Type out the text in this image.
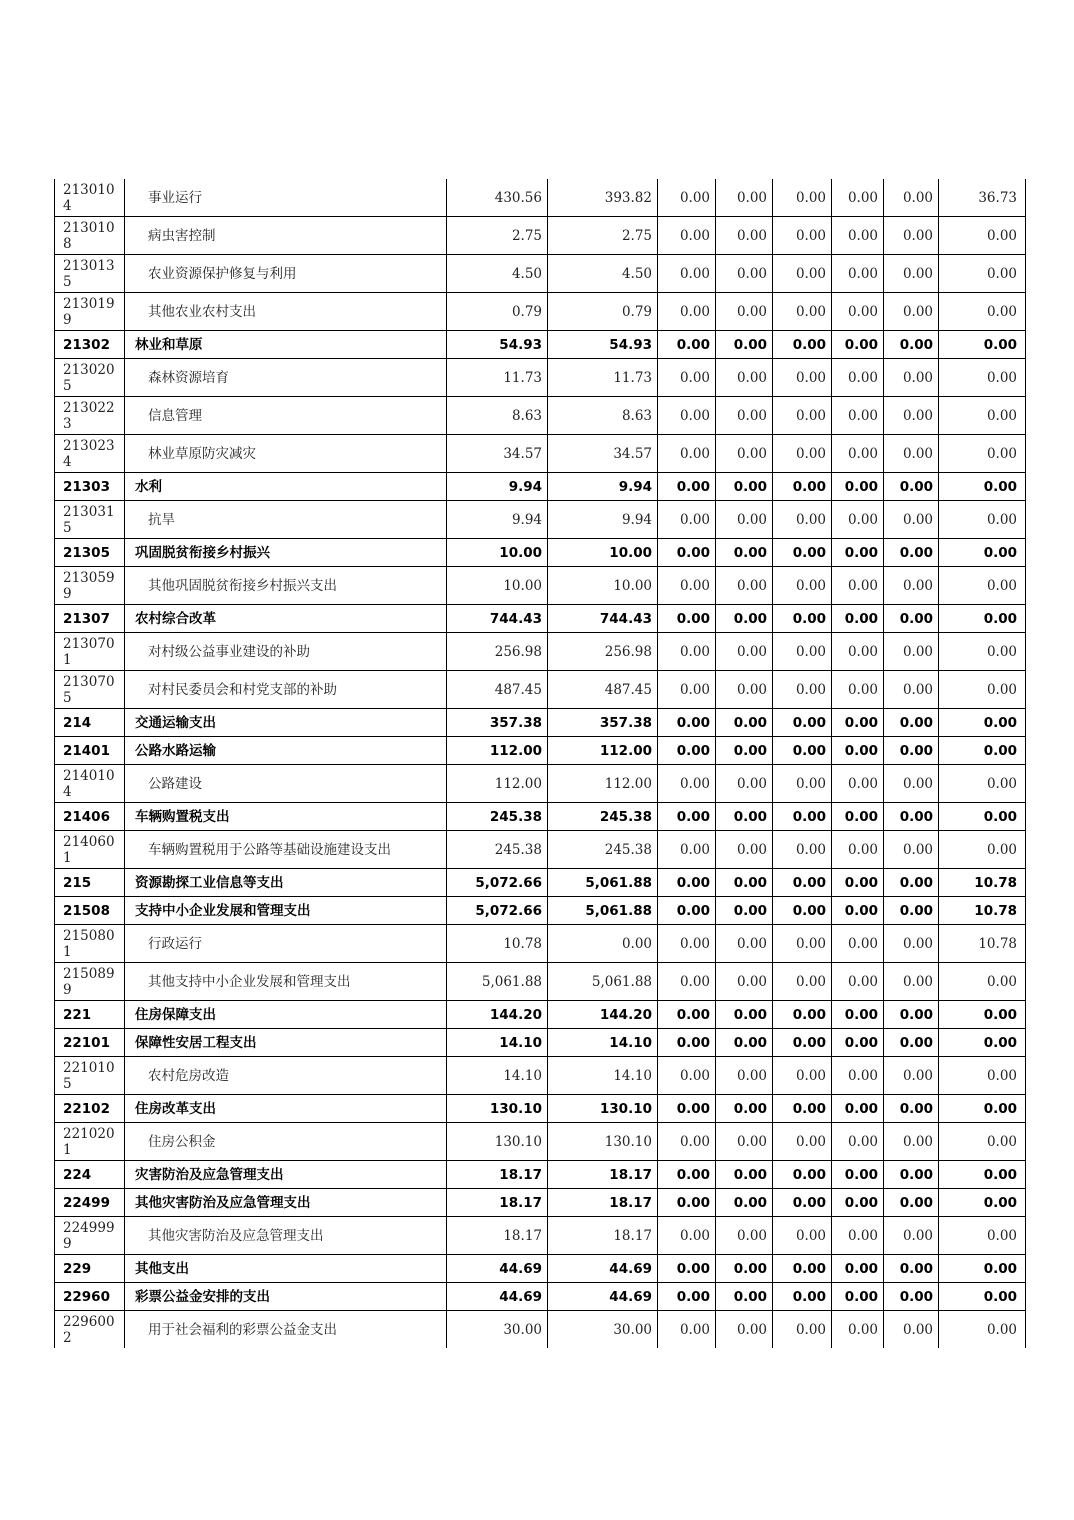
2130104	事业运行	430.56	393.82	0.00	0.00	0.00	0.00	0.00	36.73
2130108	病虫害控制	2.75	2.75	0.00	0.00	0.00	0.00	0.00	0.00
2130135	农业资源保护修复与利用	4.50	4.50	0.00	0.00	0.00	0.00	0.00	0.00
2130199	其他农业农村支出	0.79	0.79	0.00	0.00	0.00	0.00	0.00	0.00
21302	林业和草原	54.93	54.93	0.00	0.00	0.00	0.00	0.00	0.00
2130205	森林资源培育	11.73	11.73	0.00	0.00	0.00	0.00	0.00	0.00
2130223	信息管理	8.63	8.63	0.00	0.00	0.00	0.00	0.00	0.00
2130234	林业草原防灾减灾	34.57	34.57	0.00	0.00	0.00	0.00	0.00	0.00
21303	水利	9.94	9.94	0.00	0.00	0.00	0.00	0.00	0.00
2130315	抗旱	9.94	9.94	0.00	0.00	0.00	0.00	0.00	0.00
21305	巩固脱贫衔接乡村振兴	10.00	10.00	0.00	0.00	0.00	0.00	0.00	0.00
2130599	其他巩固脱贫衔接乡村振兴支出	10.00	10.00	0.00	0.00	0.00	0.00	0.00	0.00
21307	农村综合改革	744.43	744.43	0.00	0.00	0.00	0.00	0.00	0.00
2130701	对村级公益事业建设的补助	256.98	256.98	0.00	0.00	0.00	0.00	0.00	0.00
2130705	对村民委员会和村党支部的补助	487.45	487.45	0.00	0.00	0.00	0.00	0.00	0.00
214	交通运输支出	357.38	357.38	0.00	0.00	0.00	0.00	0.00	0.00
21401	公路水路运输	112.00	112.00	0.00	0.00	0.00	0.00	0.00	0.00
2140104	公路建设	112.00	112.00	0.00	0.00	0.00	0.00	0.00	0.00
21406	车辆购置税支出	245.38	245.38	0.00	0.00	0.00	0.00	0.00	0.00
2140601	车辆购置税用于公路等基础设施建设支出	245.38	245.38	0.00	0.00	0.00	0.00	0.00	0.00
215	资源勘探工业信息等支出	5,072.66	5,061.88	0.00	0.00	0.00	0.00	0.00	10.78
21508	支持中小企业发展和管理支出	5,072.66	5,061.88	0.00	0.00	0.00	0.00	0.00	10.78
2150801	行政运行	10.78	0.00	0.00	0.00	0.00	0.00	0.00	10.78
2150899	其他支持中小企业发展和管理支出	5,061.88	5,061.88	0.00	0.00	0.00	0.00	0.00	0.00
221	住房保障支出	144.20	144.20	0.00	0.00	0.00	0.00	0.00	0.00
22101	保障性安居工程支出	14.10	14.10	0.00	0.00	0.00	0.00	0.00	0.00
2210105	农村危房改造	14.10	14.10	0.00	0.00	0.00	0.00	0.00	0.00
22102	住房改革支出	130.10	130.10	0.00	0.00	0.00	0.00	0.00	0.00
2210201	住房公积金	130.10	130.10	0.00	0.00	0.00	0.00	0.00	0.00
224	灾害防治及应急管理支出	18.17	18.17	0.00	0.00	0.00	0.00	0.00	0.00
22499	其他灾害防治及应急管理支出	18.17	18.17	0.00	0.00	0.00	0.00	0.00	0.00
2249999	其他灾害防治及应急管理支出	18.17	18.17	0.00	0.00	0.00	0.00	0.00	0.00
229	其他支出	44.69	44.69	0.00	0.00	0.00	0.00	0.00	0.00
22960	彩票公益金安排的支出	44.69	44.69	0.00	0.00	0.00	0.00	0.00	0.00
2296002	用于社会福利的彩票公益金支出	30.00	30.00	0.00	0.00	0.00	0.00	0.00	0.00
